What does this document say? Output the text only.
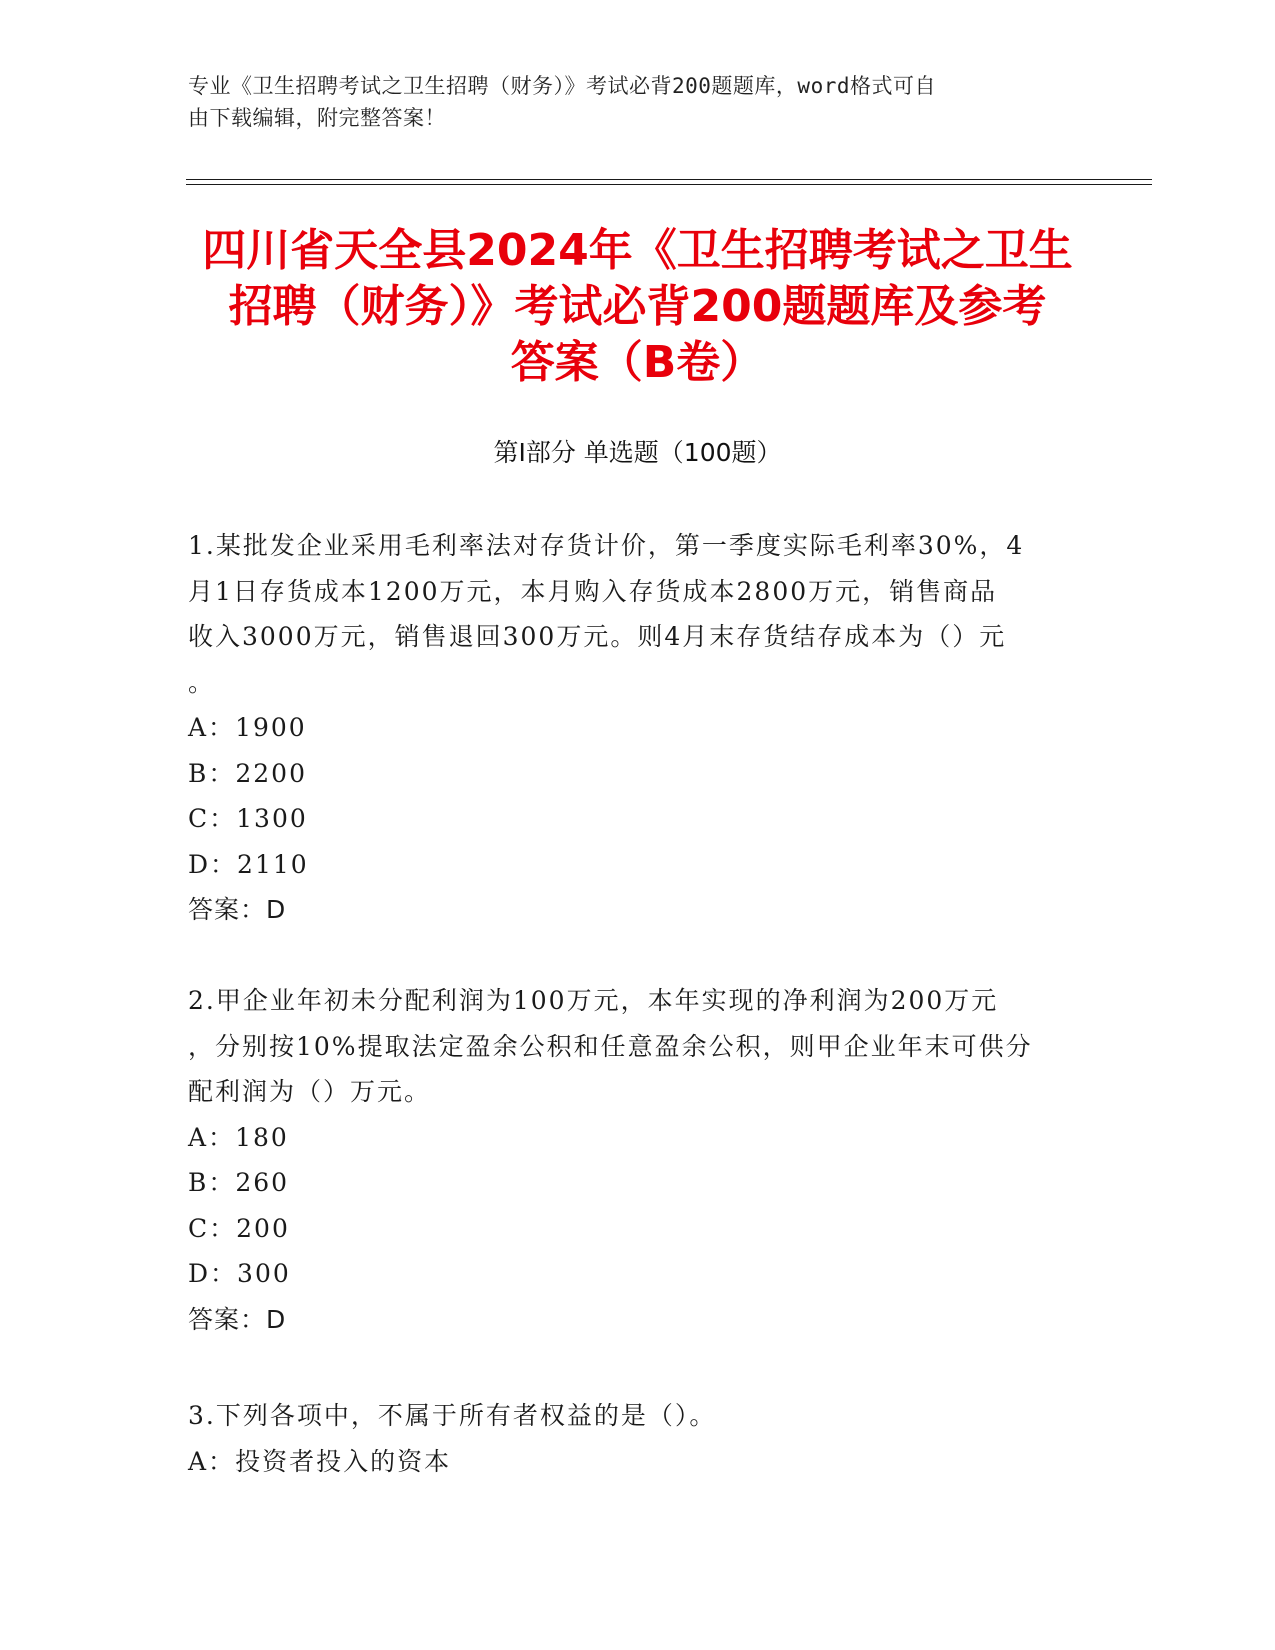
专业《卫生招聘考试之卫生招聘（财务）》考试必背200题题库，word格式可自
由下载编辑，附完整答案！
四川省天全县2024年《卫生招聘考试之卫生
招聘（财务）》考试必背200题题库及参考
答案（B卷）
第Ⅰ部分 单选题（100题）

1.某批发企业采用毛利率法对存货计价，第一季度实际毛利率30%，4

月1日存货成本1200万元，本月购入存货成本2800万元，销售商品

收入3000万元，销售退回300万元。则4月末存货结存成本为（）元

。

A：1900

B：2200

C：1300

D：2110

答案：D

2.甲企业年初未分配利润为100万元，本年实现的净利润为200万元

，分别按10%提取法定盈余公积和任意盈余公积，则甲企业年末可供分

配利润为（）万元。

A：180

B：260

C：200

D：300

答案：D

3.下列各项中，不属于所有者权益的是（）。

A：投资者投入的资本
